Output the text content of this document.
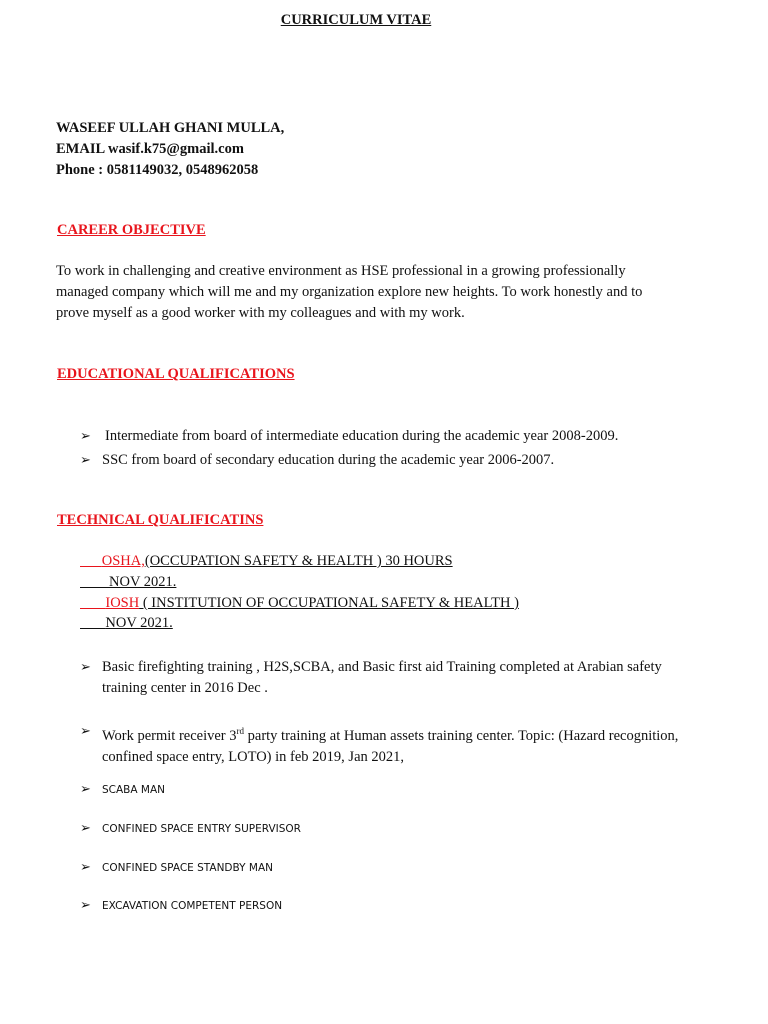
CURRICULUM VITAE
WASEEF ULLAH GHANI MULLA,
EMAIL wasif.k75@gmail.com
Phone : 0581149032, 0548962058
CAREER OBJECTIVE
To work in challenging and creative environment as HSE professional in a growing professionally managed company which will me and my organization explore new heights. To work honestly and to prove myself as a good worker with my colleagues and with my work.
EDUCATIONAL QUALIFICATIONS
➢ Intermediate from board of intermediate education during the academic year 2008-2009.
➢ SSC from board of secondary education during the academic year 2006-2007.
TECHNICAL QUALIFICATINS
OSHA,(OCCUPATION SAFETY & HEALTH ) 30 HOURS
NOV 2021.
IOSH ( INSTITUTION OF OCCUPATIONAL SAFETY & HEALTH )
NOV 2021.
➢ Basic firefighting training , H2S,SCBA, and Basic first aid Training completed at Arabian safety training center in 2016 Dec .
➢ Work permit receiver 3rd party training at Human assets training center. Topic: (Hazard recognition, confined space entry, LOTO) in feb 2019, Jan 2021,
➢ SCABA MAN
➢ CONFINED SPACE ENTRY SUPERVISOR
➢ CONFINED SPACE STANDBY MAN
➢ EXCAVATION COMPETENT PERSON
